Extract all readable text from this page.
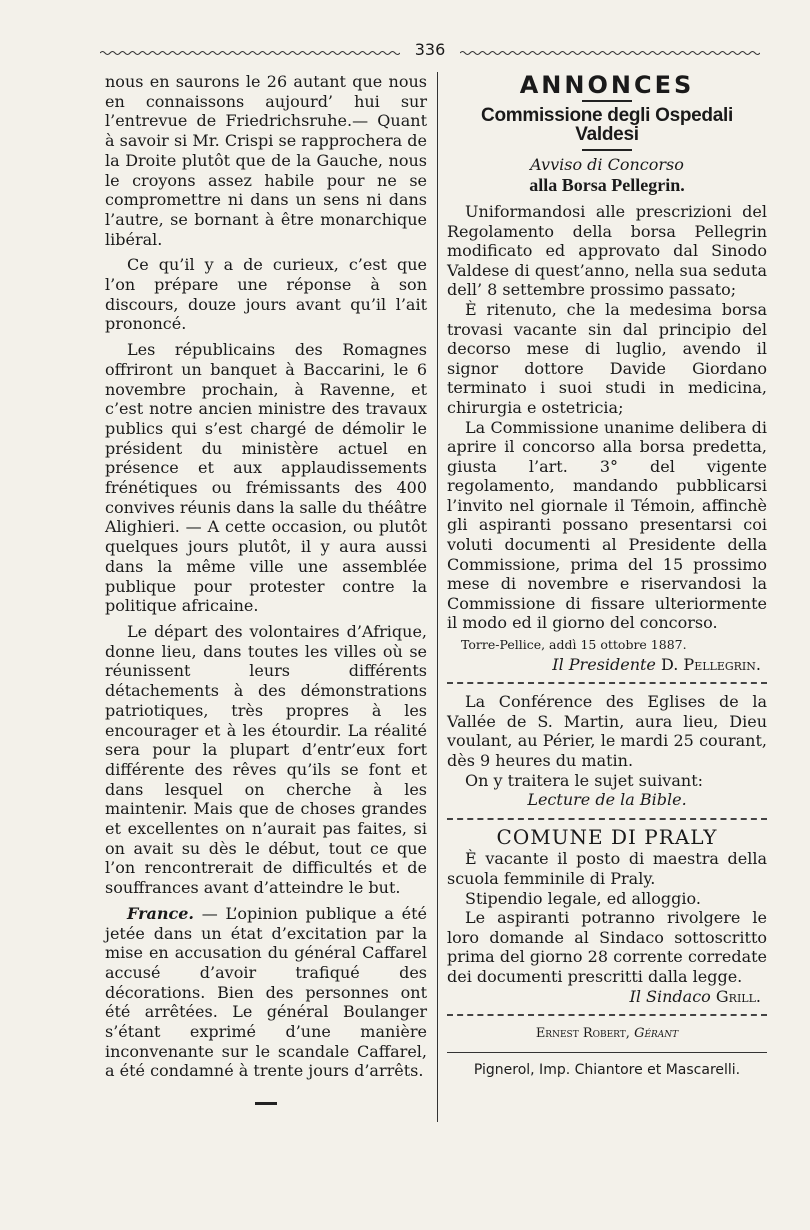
336

nous en saurons le 26 autant que nous en connaissons aujourd’ hui sur l’entrevue de Friedrichsruhe.— Quant à savoir si Mr. Crispi se rapprochera de la Droite plutôt que de la Gauche, nous le croyons assez habile pour ne se compromettre ni dans un sens ni dans l’autre, se bornant à être monarchique libéral.

Ce qu’il y a de curieux, c’est que l’on prépare une réponse à son discours, douze jours avant qu’il l’ait prononcé.

Les républicains des Romagnes offriront un banquet à Baccarini, le 6 novembre prochain, à Ravenne, et c’est notre ancien ministre des travaux publics qui s’est chargé de démolir le président du ministère actuel en présence et aux applaudissements frénétiques ou frémissants des 400 convives réunis dans la salle du théâtre Alighieri. — A cette occasion, ou plutôt quelques jours plutôt, il y aura aussi dans la même ville une assemblée publique pour protester contre la politique africaine.

Le départ des volontaires d’Afrique, donne lieu, dans toutes les villes où se réunissent leurs différents détachements à des démonstrations patriotiques, très propres à les encourager et à les étourdir. La réalité sera pour la plupart d’entr’eux fort différente des rêves qu’ils se font et dans lesquel on cherche à les maintenir. Mais que de choses grandes et excellentes on n’aurait pas faites, si on avait su dès le début, tout ce que l’on rencontrerait de difficultés et de souffrances avant d’atteindre le but.

France. — L’opinion publique a été jetée dans un état d’excitation par la mise en accusation du général Caffarel accusé d’avoir trafiqué des décorations. Bien des personnes ont été arrêtées. Le général Boulanger s’étant exprimé d’une manière inconvenante sur le scandale Caffarel, a été condamné à trente jours d’arrêts.

ANNONCES
Commissione degli Ospedali Valdesi
Avviso di Concorso
alla Borsa Pellegrin.

Uniformandosi alle prescrizioni del Regolamento della borsa Pellegrin modificato ed approvato dal Sinodo Valdese di quest’anno, nella sua seduta dell’ 8 settembre prossimo passato;

È ritenuto, che la medesima borsa trovasi vacante sin dal principio del decorso mese di luglio, avendo il signor dottore Davide Giordano terminato i suoi studi in medicina, chirurgia e ostetricia;

La Commissione unanime delibera di aprire il concorso alla borsa predetta, giusta l’art. 3° del vigente regolamento, mandando pubblicarsi l’invito nel giornale il Témoin, affinchè gli aspiranti possano presentarsi coi voluti documenti al Presidente della Commissione, prima del 15 prossimo mese di novembre e riservandosi la Commissione di fissare ulteriormente il modo ed il giorno del concorso.

Torre-Pellice, addì 15 ottobre 1887.

Il Presidente D. Pellegrin.

La Conférence des Eglises de la Vallée de S. Martin, aura lieu, Dieu voulant, au Périer, le mardi 25 courant, dès 9 heures du matin.

On y traitera le sujet suivant:

Lecture de la Bible.

COMUNE DI PRALY

È vacante il posto di maestra della scuola femminile di Praly.

Stipendio legale, ed alloggio.

Le aspiranti potranno rivolgere le loro domande al Sindaco sottoscritto prima del giorno 28 corrente corredate dei documenti prescritti dalla legge.

Il Sindaco Grill.

Ernest Robert, Gérant
Pignerol, Imp. Chiantore et Mascarelli.
